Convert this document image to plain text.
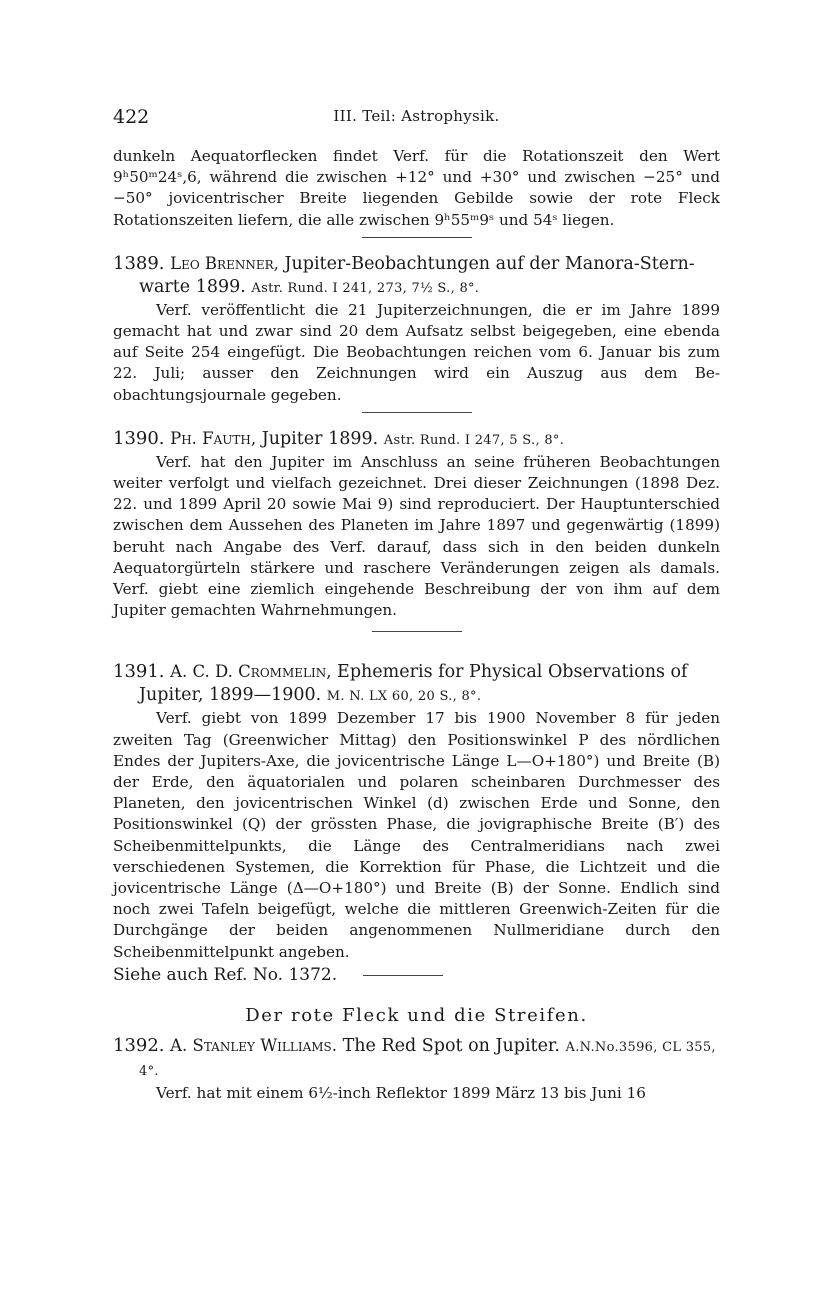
422	III. Teil: Astrophysik.

dunkeln Aequatorflecken findet Verf. für die Rotationszeit den Wert 9ʰ50ᵐ24ˢ,6, während die zwischen +12° und +30° und zwischen −25° und −50° jovicentrischer Breite liegenden Gebilde sowie der rote Fleck Rotationszeiten liefern, die alle zwischen 9ʰ55ᵐ9ˢ und 54ˢ liegen.

1389. Leo Brenner, Jupiter-Beobachtungen auf der Manora-Sternwarte 1899. Astr. Rund. I 241, 273, 7½ S., 8°.

Verf. veröffentlicht die 21 Jupiterzeichnungen, die er im Jahre 1899 gemacht hat und zwar sind 20 dem Aufsatz selbst beigegeben, eine ebenda auf Seite 254 eingefügt. Die Beobachtungen reichen vom 6. Januar bis zum 22. Juli; ausser den Zeichnungen wird ein Auszug aus dem Beobachtungsjournale gegeben.

1390. Ph. Fauth, Jupiter 1899. Astr. Rund. I 247, 5 S., 8°.

Verf. hat den Jupiter im Anschluss an seine früheren Beobachtungen weiter verfolgt und vielfach gezeichnet. Drei dieser Zeichnungen (1898 Dez. 22. und 1899 April 20 sowie Mai 9) sind reproduciert. Der Hauptunterschied zwischen dem Aussehen des Planeten im Jahre 1897 und gegenwärtig (1899) beruht nach Angabe des Verf. darauf, dass sich in den beiden dunkeln Aequatorgürteln stärkere und raschere Veränderungen zeigen als damals. Verf. giebt eine ziemlich eingehende Beschreibung der von ihm auf dem Jupiter gemachten Wahrnehmungen.

1391. A. C. D. Crommelin, Ephemeris for Physical Observations of Jupiter, 1899—1900. M. N. LX 60, 20 S., 8°.

Verf. giebt von 1899 Dezember 17 bis 1900 November 8 für jeden zweiten Tag (Greenwicher Mittag) den Positionswinkel P des nördlichen Endes der Jupiters-Axe, die jovicentrische Länge L—O+180°) und Breite (B) der Erde, den äquatorialen und polaren scheinbaren Durchmesser des Planeten, den jovicentrischen Winkel (d) zwischen Erde und Sonne, den Positionswinkel (Q) der grössten Phase, die jovigraphische Breite (B′) des Scheibenmittelpunkts, die Länge des Centralmeridians nach zwei verschiedenen Systemen, die Korrektion für Phase, die Lichtzeit und die jovicentrische Länge (Δ—O+180°) und Breite (B) der Sonne. Endlich sind noch zwei Tafeln beigefügt, welche die mittleren Greenwich-Zeiten für die Durchgänge der beiden angenommenen Nullmeridiane durch den Scheibenmittelpunkt angeben.

Siehe auch Ref. No. 1372.

Der rote Fleck und die Streifen.

1392. A. Stanley Williams. The Red Spot on Jupiter. A.N.No.3596, CL 355, 4°.

Verf. hat mit einem 6½-inch Reflektor 1899 März 13 bis Juni 16
